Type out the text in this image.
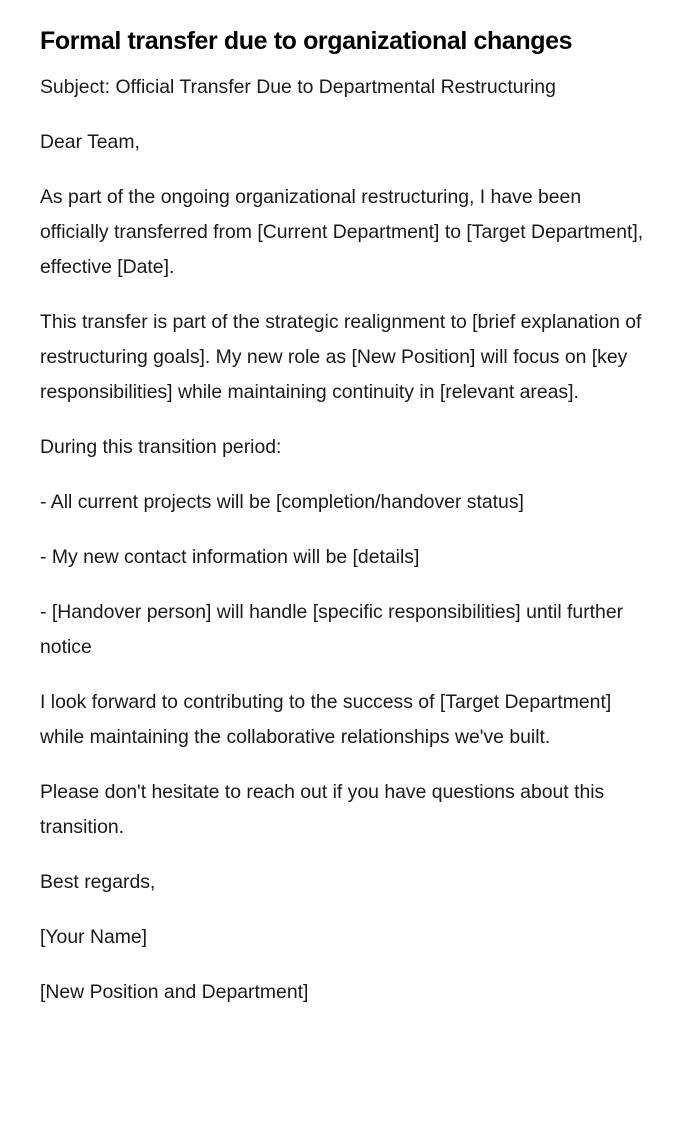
Formal transfer due to organizational changes

Subject: Official Transfer Due to Departmental Restructuring

Dear Team,

As part of the ongoing organizational restructuring, I have been officially transferred from [Current Department] to [Target Department], effective [Date].

This transfer is part of the strategic realignment to [brief explanation of restructuring goals]. My new role as [New Position] will focus on [key responsibilities] while maintaining continuity in [relevant areas].

During this transition period:

- All current projects will be [completion/handover status]

- My new contact information will be [details]

- [Handover person] will handle [specific responsibilities] until further notice

I look forward to contributing to the success of [Target Department] while maintaining the collaborative relationships we've built.

Please don't hesitate to reach out if you have questions about this transition.

Best regards,

[Your Name]

[New Position and Department]
